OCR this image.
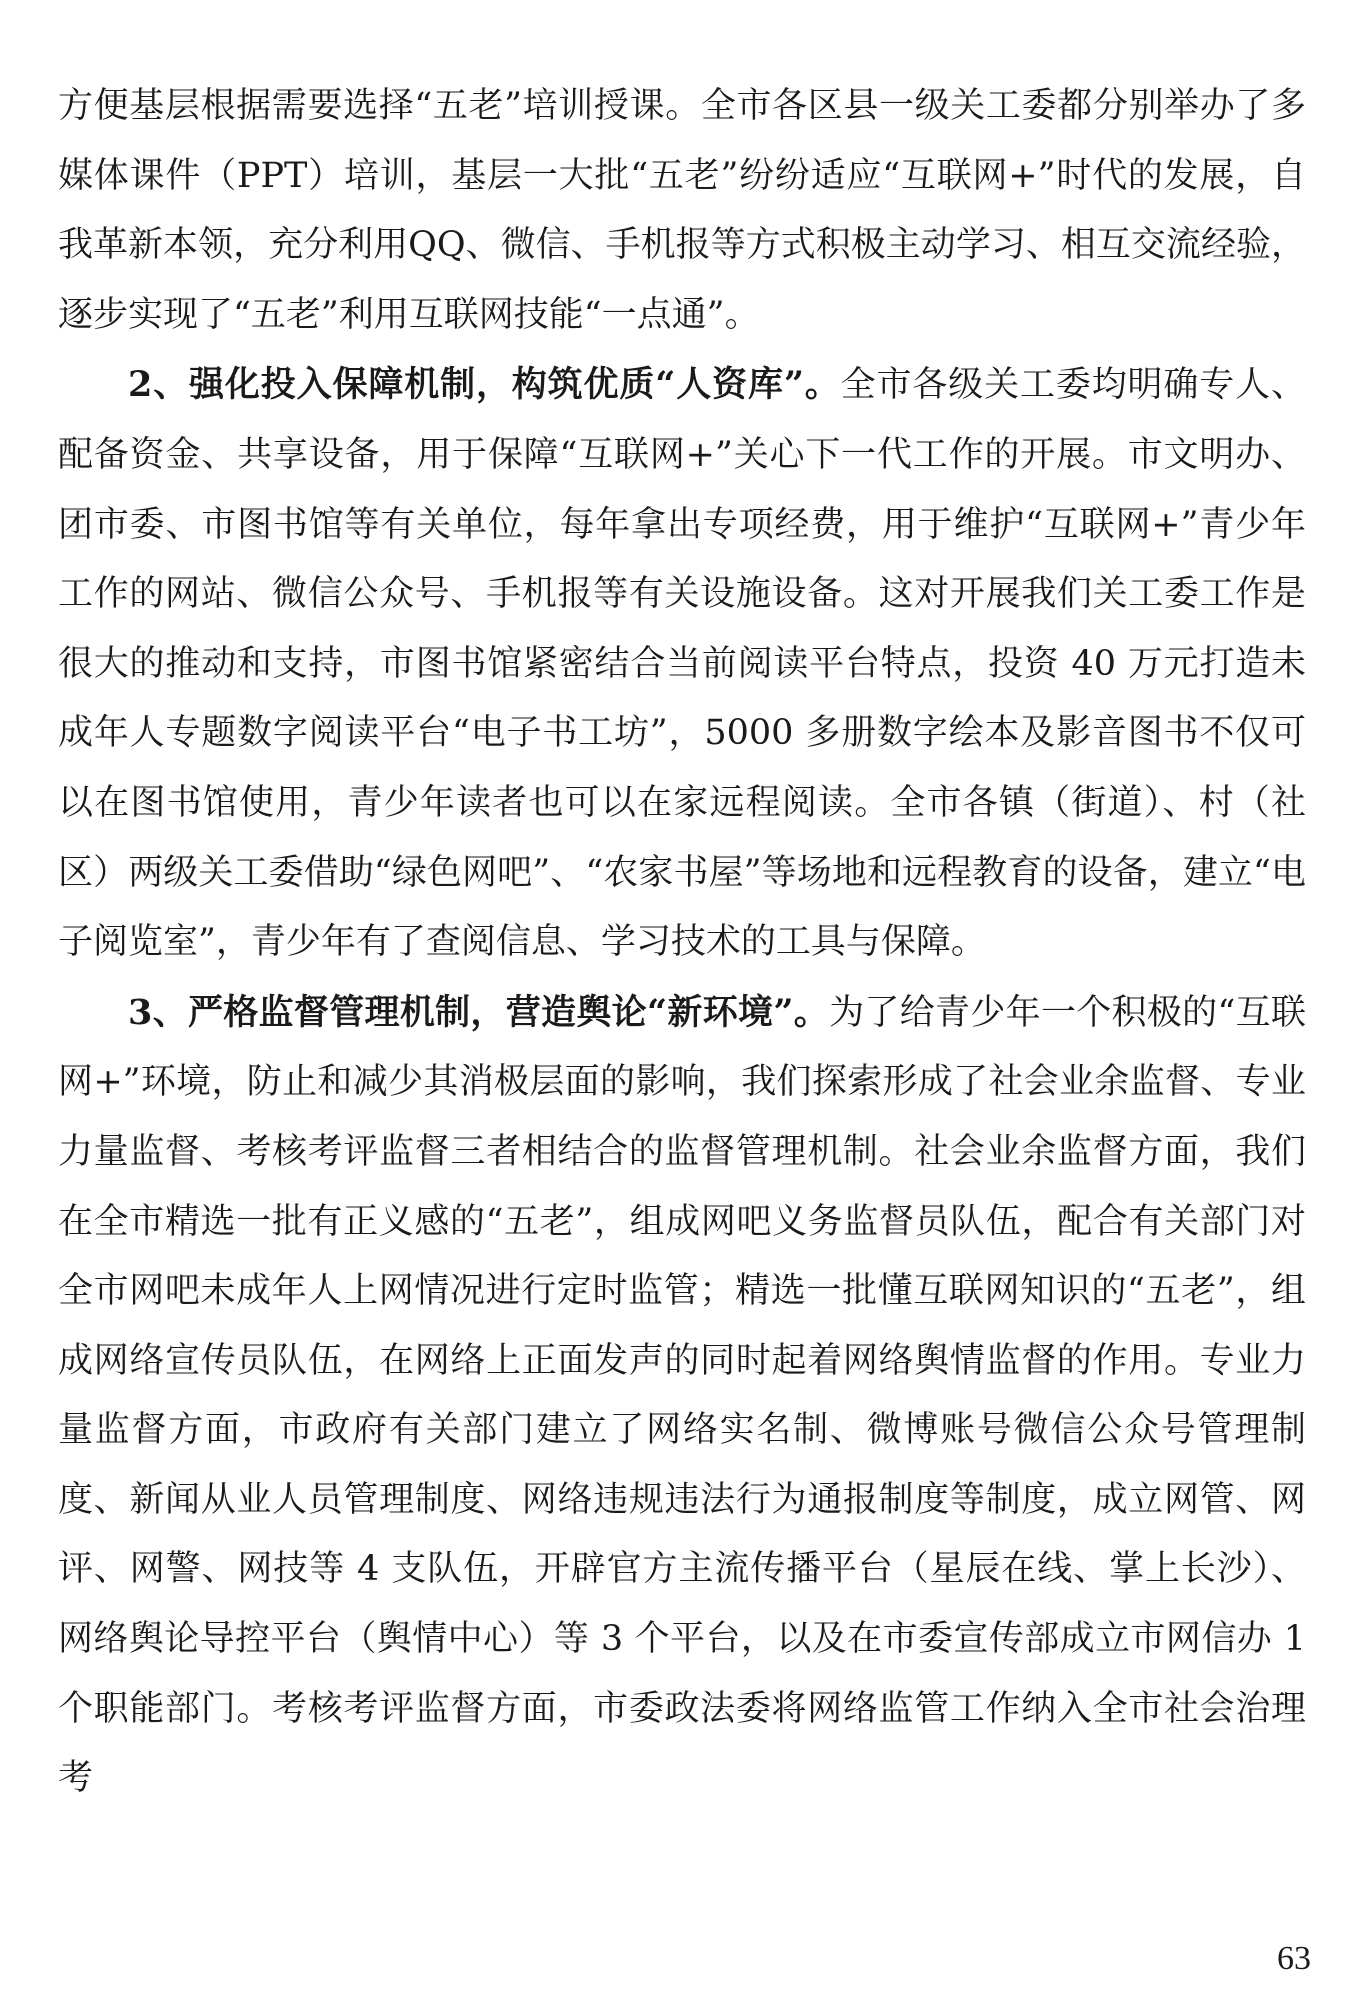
方便基层根据需要选择“五老”培训授课。全市各区县一级关工委都分别举办了多媒体课件（PPT）培训，基层一大批“五老”纷纷适应“互联网+”时代的发展，自我革新本领，充分利用QQ、微信、手机报等方式积极主动学习、相互交流经验，逐步实现了“五老”利用互联网技能“一点通”。

2、强化投入保障机制，构筑优质“人资库”。全市各级关工委均明确专人、配备资金、共享设备，用于保障“互联网+”关心下一代工作的开展。市文明办、团市委、市图书馆等有关单位，每年拿出专项经费，用于维护“互联网+”青少年工作的网站、微信公众号、手机报等有关设施设备。这对开展我们关工委工作是很大的推动和支持，市图书馆紧密结合当前阅读平台特点，投资 40 万元打造未成年人专题数字阅读平台“电子书工坊”，5000 多册数字绘本及影音图书不仅可以在图书馆使用，青少年读者也可以在家远程阅读。全市各镇（街道）、村（社区）两级关工委借助“绿色网吧”、“农家书屋”等场地和远程教育的设备，建立“电子阅览室”，青少年有了查阅信息、学习技术的工具与保障。

3、严格监督管理机制，营造舆论“新环境”。为了给青少年一个积极的“互联网+”环境，防止和减少其消极层面的影响，我们探索形成了社会业余监督、专业力量监督、考核考评监督三者相结合的监督管理机制。社会业余监督方面，我们在全市精选一批有正义感的“五老”，组成网吧义务监督员队伍，配合有关部门对全市网吧未成年人上网情况进行定时监管；精选一批懂互联网知识的“五老”，组成网络宣传员队伍，在网络上正面发声的同时起着网络舆情监督的作用。专业力量监督方面，市政府有关部门建立了网络实名制、微博账号微信公众号管理制度、新闻从业人员管理制度、网络违规违法行为通报制度等制度，成立网管、网评、网警、网技等 4 支队伍，开辟官方主流传播平台（星辰在线、掌上长沙）、网络舆论导控平台（舆情中心）等 3 个平台，以及在市委宣传部成立市网信办 1 个职能部门。考核考评监督方面，市委政法委将网络监管工作纳入全市社会治理考

63
